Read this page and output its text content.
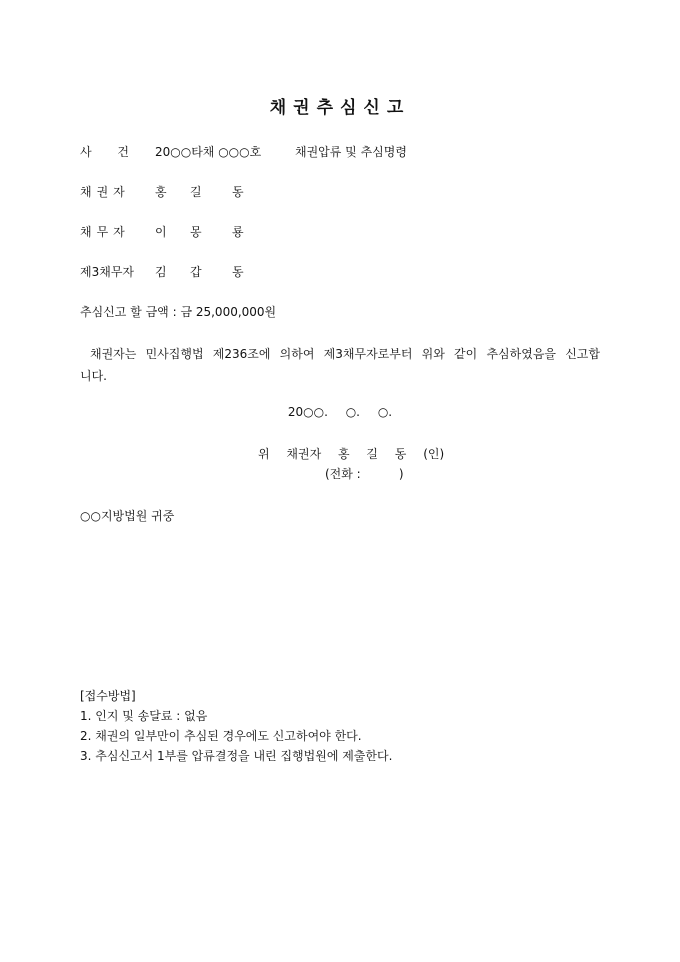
채권추심신고
사 건 20○○타채 ○○○호	채권압류 및 추심명령
채권자 홍 길	동
채무자 이 몽	룡
제3채무자 김 갑	동
추심신고 할 금액 : 금 25,000,000원
채권자는 민사집행법 제236조에 의하여 제3채무자로부터 위와 같이 추심하였음을 신고합니다.
20○○. ○. ○.
위 채권자 홍 길 동 (인)
(전화 :          )
○○지방법원 귀중
[접수방법]
1. 인지 및 송달료 : 없음
2. 채권의 일부만이 추심된 경우에도 신고하여야 한다.
3. 추심신고서 1부를 압류결정을 내린 집행법원에 제출한다.
